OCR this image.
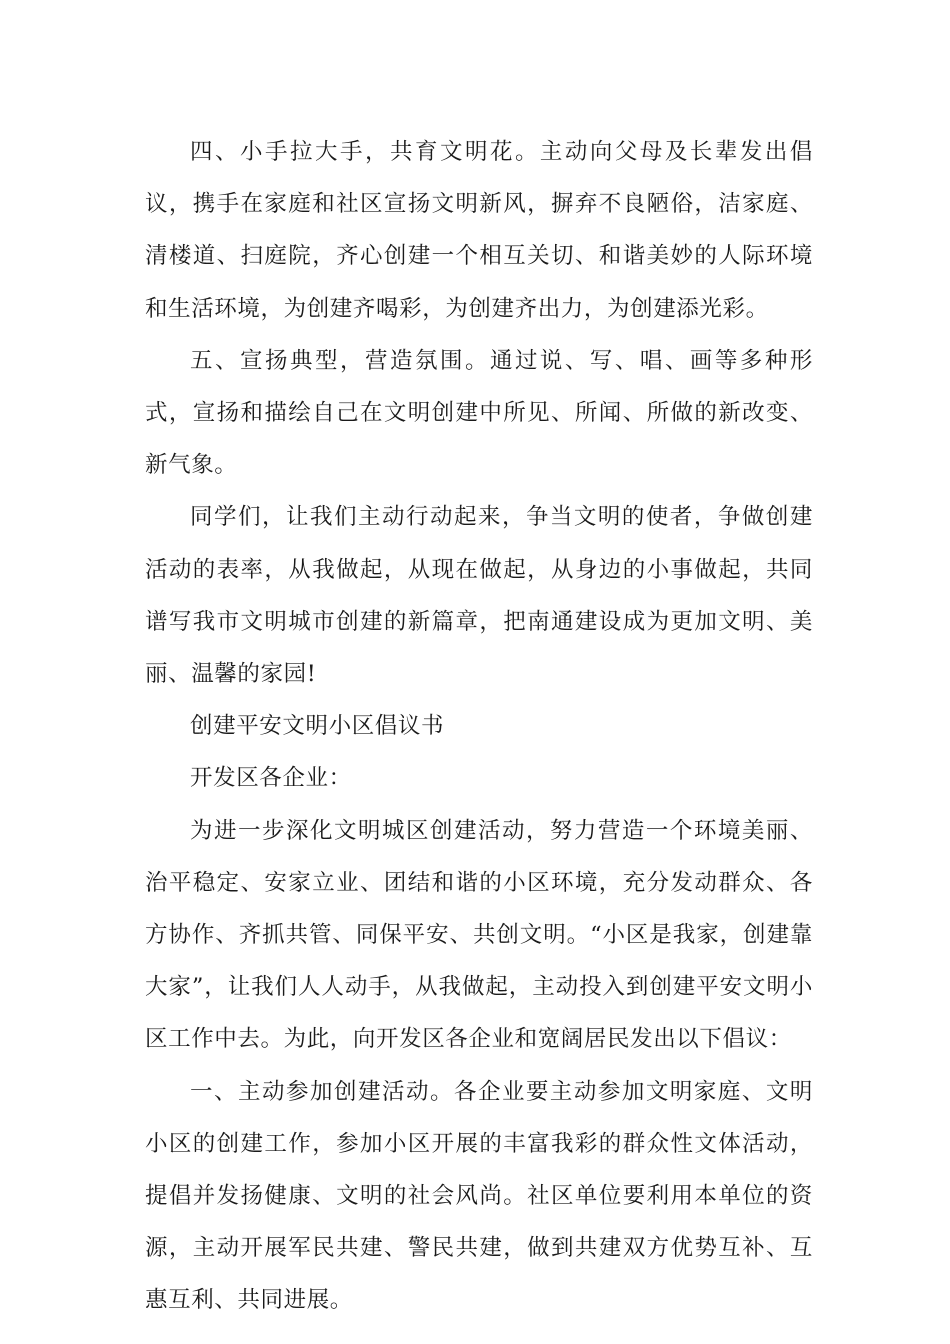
四、小手拉大手，共育文明花。主动向父母及长辈发出倡议，携手在家庭和社区宣扬文明新风，摒弃不良陋俗，洁家庭、清楼道、扫庭院，齐心创建一个相互关切、和谐美妙的人际环境和生活环境，为创建齐喝彩，为创建齐出力，为创建添光彩。

五、宣扬典型，营造氛围。通过说、写、唱、画等多种形式，宣扬和描绘自己在文明创建中所见、所闻、所做的新改变、新气象。

同学们，让我们主动行动起来，争当文明的使者，争做创建活动的表率，从我做起，从现在做起，从身边的小事做起，共同谱写我市文明城市创建的新篇章，把南通建设成为更加文明、美丽、温馨的家园!

创建平安文明小区倡议书

开发区各企业：

为进一步深化文明城区创建活动，努力营造一个环境美丽、治平稳定、安家立业、团结和谐的小区环境，充分发动群众、各方协作、齐抓共管、同保平安、共创文明。“小区是我家，创建靠大家”，让我们人人动手，从我做起，主动投入到创建平安文明小区工作中去。为此，向开发区各企业和宽阔居民发出以下倡议：

一、主动参加创建活动。各企业要主动参加文明家庭、文明小区的创建工作，参加小区开展的丰富我彩的群众性文体活动，提倡并发扬健康、文明的社会风尚。社区单位要利用本单位的资源，主动开展军民共建、警民共建，做到共建双方优势互补、互惠互利、共同进展。
